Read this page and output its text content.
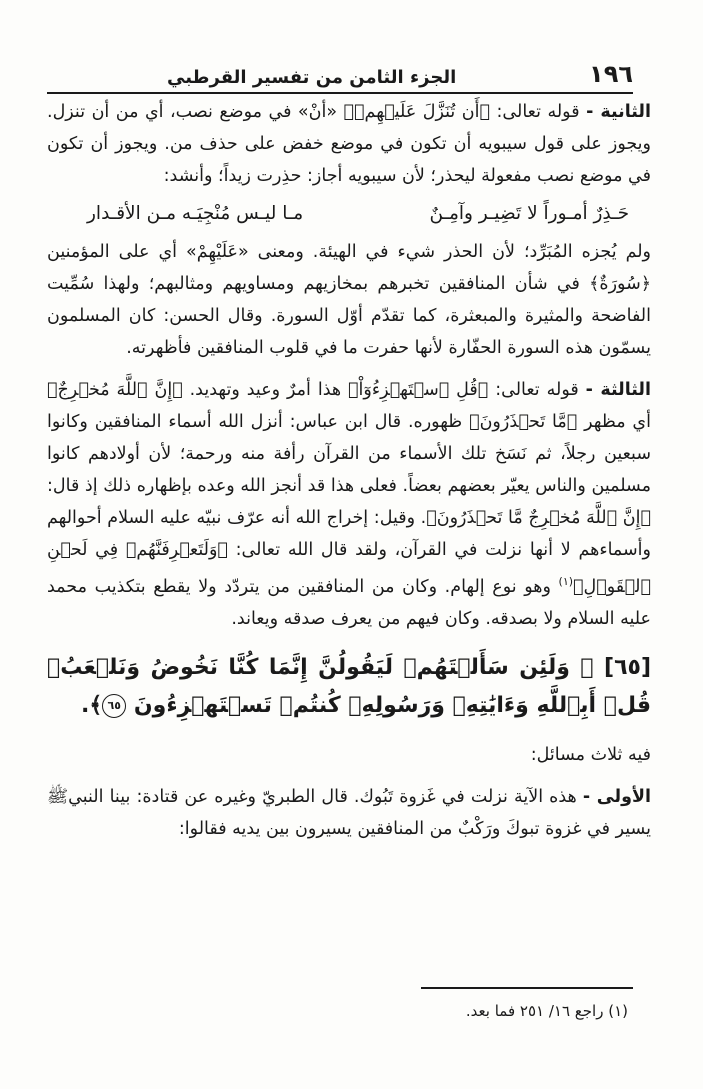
١٩٦
الجزء الثامن من تفسير القرطبي

الثانية - قوله تعالى: ﴿أَن تُنَزَّلَ عَلَيۡهِمۡ﴾ «أنْ» في موضع نصب، أي من أن تنزل. ويجوز على قول سيبويه أن تكون في موضع خفض على حذف من. ويجوز أن تكون في موضع نصب مفعولة ليحذر؛ لأن سيبويه أجاز: حذِرت زيداً؛ وأنشد:

حَـذِرٌ أمـوراً لا تَضِيـر وآمِـنٌ
مـا ليـس مُنْجِيَـه مـن الأقـدار

ولم يُجزه المُبَرِّد؛ لأن الحذر شيء في الهيئة. ومعنى «عَلَيْهِمْ» أي على المؤمنين ﴿سُورَةٌ﴾ في شأن المنافقين تخبرهم بمخازيهم ومساويهم ومثالبهم؛ ولهذا سُمِّيت الفاضحة والمثيرة والمبعثرة، كما تقدّم أوّل السورة. وقال الحسن: كان المسلمون يسمّون هذه السورة الحفّارة لأنها حفرت ما في قلوب المنافقين فأظهرته.

الثالثة - قوله تعالى: ﴿قُلِ ٱسۡتَهۡزِءُوٓاْ﴾ هذا أمرٌ وعيد وتهديد. ﴿إِنَّ ٱللَّهَ مُخۡرِجٌ﴾ أي مظهر ﴿مَّا تَحۡذَرُونَ﴾ ظهوره. قال ابن عباس: أنزل الله أسماء المنافقين وكانوا سبعين رجلاً، ثم نَسَخ تلك الأسماء من القرآن رأفة منه ورحمة؛ لأن أولادهم كانوا مسلمين والناس يعيّر بعضهم بعضاً. فعلى هذا قد أنجز الله وعده بإظهاره ذلك إذ قال: ﴿إِنَّ ٱللَّهَ مُخۡرِجٌ مَّا تَحۡذَرُونَ﴾. وقيل: إخراج الله أنه عرّف نبيّه عليه السلام أحوالهم وأسماءهم لا أنها نزلت في القرآن، ولقد قال الله تعالى: ﴿وَلَتَعۡرِفَنَّهُمۡ فِي لَحۡنِ ٱلۡقَوۡلِ﴾$^{(١)}$ وهو نوع إلهام. وكان من المنافقين من يتردّد ولا يقطع بتكذيب محمد عليه السلام ولا بصدقه. وكان فيهم من يعرف صدقه ويعاند.

[٦٥] ﴿ وَلَئِن سَأَلۡتَهُمۡ لَيَقُولُنَّ إِنَّمَا كُنَّا نَخُوضُ وَنَلۡعَبُۚ قُلۡ أَبِٱللَّهِ وَءَايَٰتِهِۦ وَرَسُولِهِۦ كُنتُمۡ تَسۡتَهۡزِءُونَ ٦٥﴾.

فيه ثلاث مسائل:

الأولى - هذه الآية نزلت في غَزوة تَبُوك. قال الطبريّ وغيره عن قتادة: بينا النبيﷺ يسير في غزوة تبوكَ ورَكْبٌ من المنافقين يسيرون بين يديه فقالوا:

(١) راجع ١٦/ ٢٥١ فما بعد.
